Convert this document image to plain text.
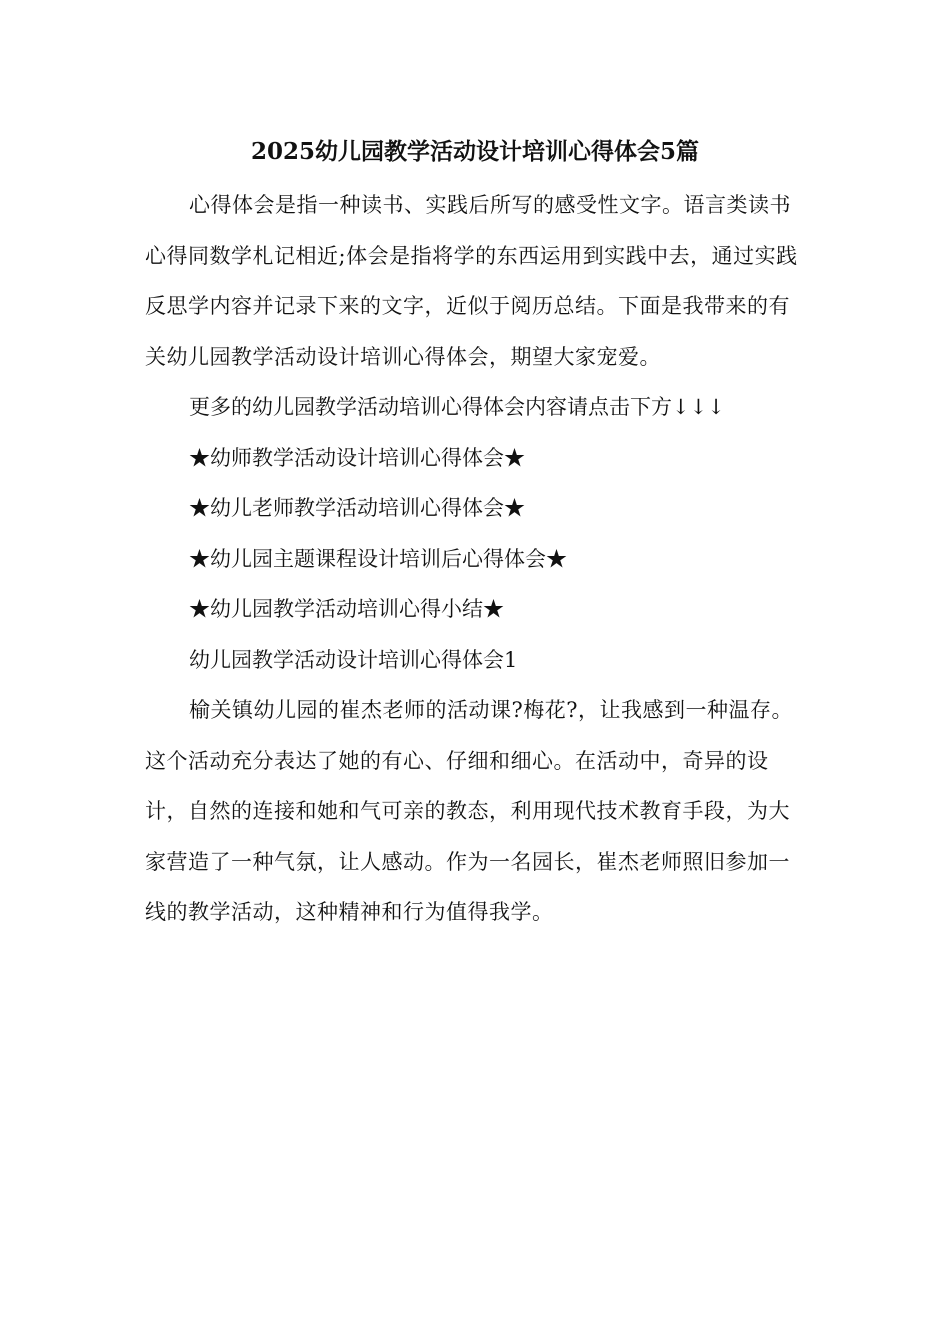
2025幼儿园教学活动设计培训心得体会5篇

心得体会是指一种读书、实践后所写的感受性文字。语言类读书心得同数学札记相近;体会是指将学的东西运用到实践中去，通过实践反思学内容并记录下来的文字，近似于阅历总结。下面是我带来的有关幼儿园教学活动设计培训心得体会，期望大家宠爱。

更多的幼儿园教学活动培训心得体会内容请点击下方↓↓↓

★幼师教学活动设计培训心得体会★

★幼儿老师教学活动培训心得体会★

★幼儿园主题课程设计培训后心得体会★

★幼儿园教学活动培训心得小结★

幼儿园教学活动设计培训心得体会1

榆关镇幼儿园的崔杰老师的活动课?梅花?，让我感到一种温存。这个活动充分表达了她的有心、仔细和细心。在活动中，奇异的设计，自然的连接和她和气可亲的教态，利用现代技术教育手段，为大家营造了一种气氛，让人感动。作为一名园长，崔杰老师照旧参加一线的教学活动，这种精神和行为值得我学。
